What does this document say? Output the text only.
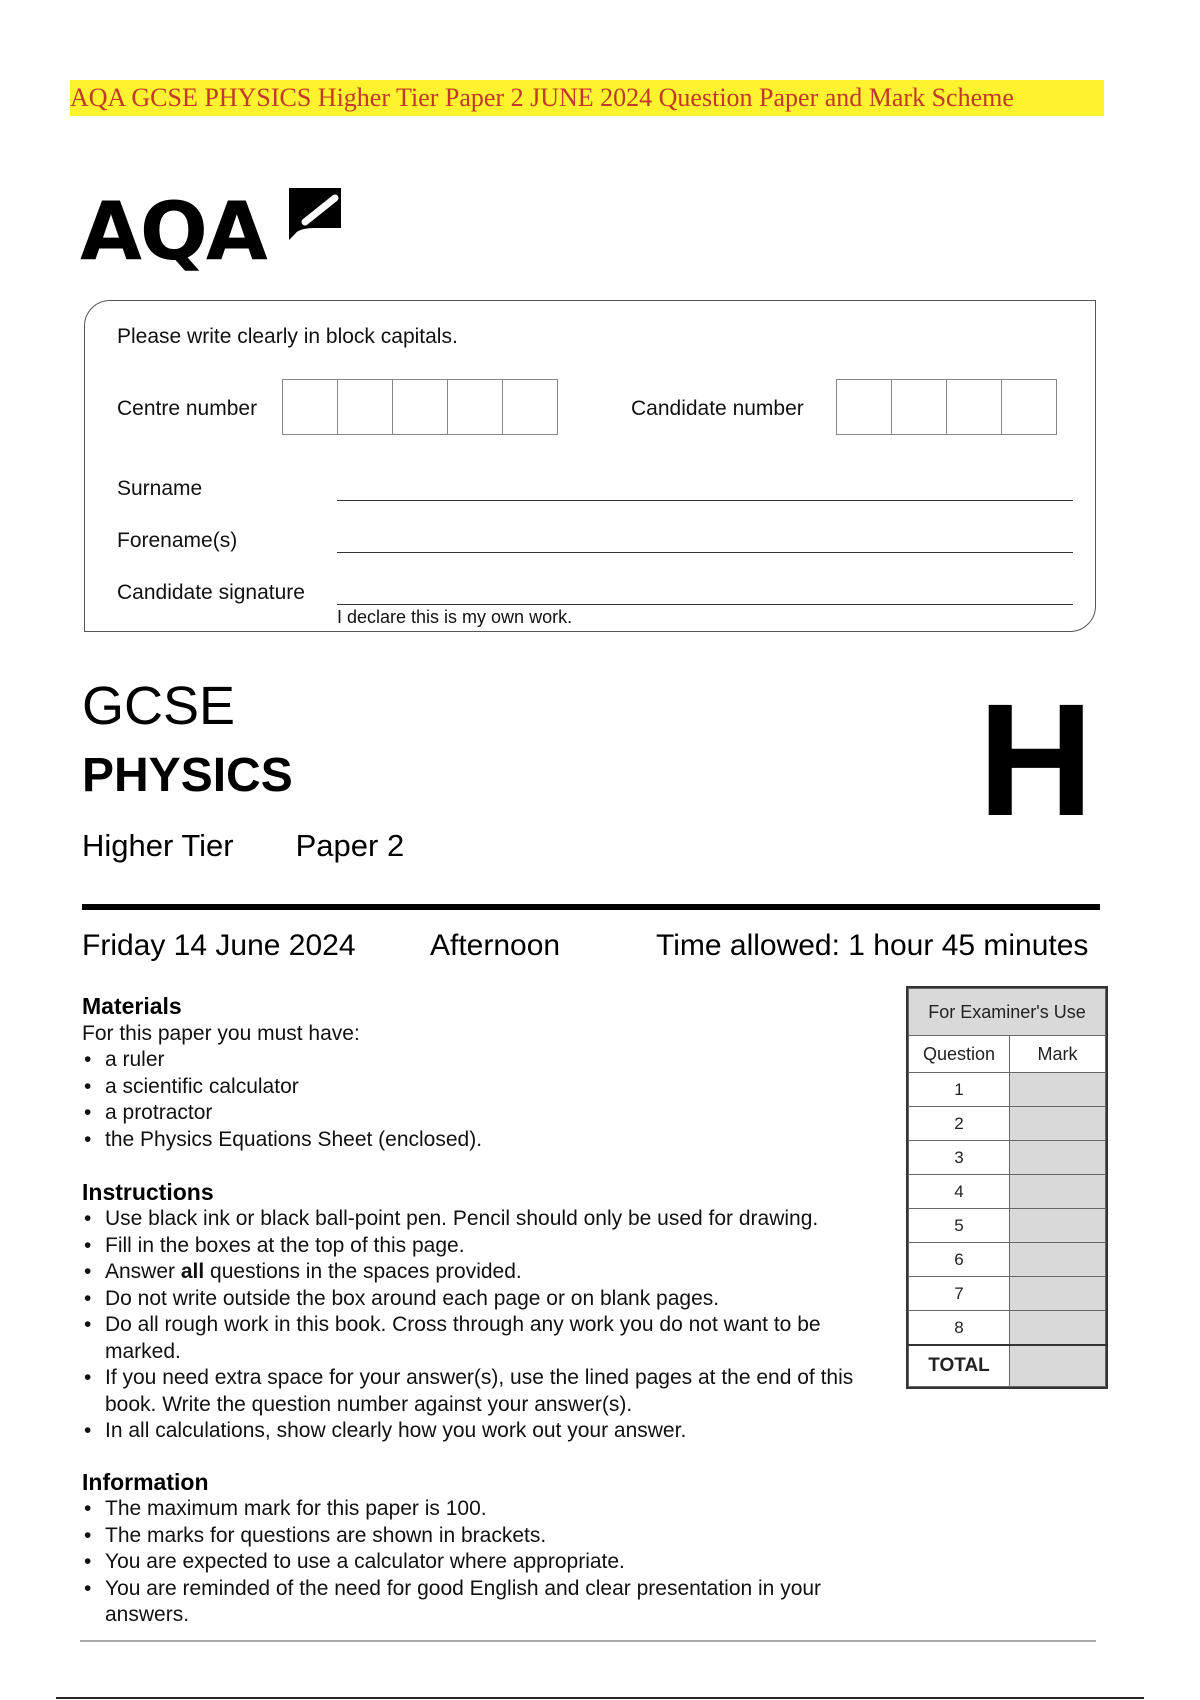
AQA GCSE PHYSICS Higher Tier Paper 2 JUNE 2024 Question Paper and Mark Scheme
AQA
Please write clearly in block capitals.
Centre number	Candidate number
Surname
Forename(s)
Candidate signature
I declare this is my own work.
GCSE
PHYSICS
Higher Tier Paper 2	H
Friday 14 June 2024 Afternoon	Time allowed: 1 hour 45 minutes
Materials
For this paper you must have:
• a ruler
• a scientific calculator
• a protractor
• the Physics Equations Sheet (enclosed).
Instructions
• Use black ink or black ball-point pen. Pencil should only be used for drawing.
• Fill in the boxes at the top of this page.
• Answer all questions in the spaces provided.
• Do not write outside the box around each page or on blank pages.
• Do all rough work in this book. Cross through any work you do not want to be marked.
• If you need extra space for your answer(s), use the lined pages at the end of this book. Write the question number against your answer(s).
• In all calculations, show clearly how you work out your answer.
Information
• The maximum mark for this paper is 100.
• The marks for questions are shown in brackets.
• You are expected to use a calculator where appropriate.
• You are reminded of the need for good English and clear presentation in your answers.
For Examiner's Use	
Question	Mark
1	
2	
3	
4	
5	
6	
7	
8	
TOTAL	
